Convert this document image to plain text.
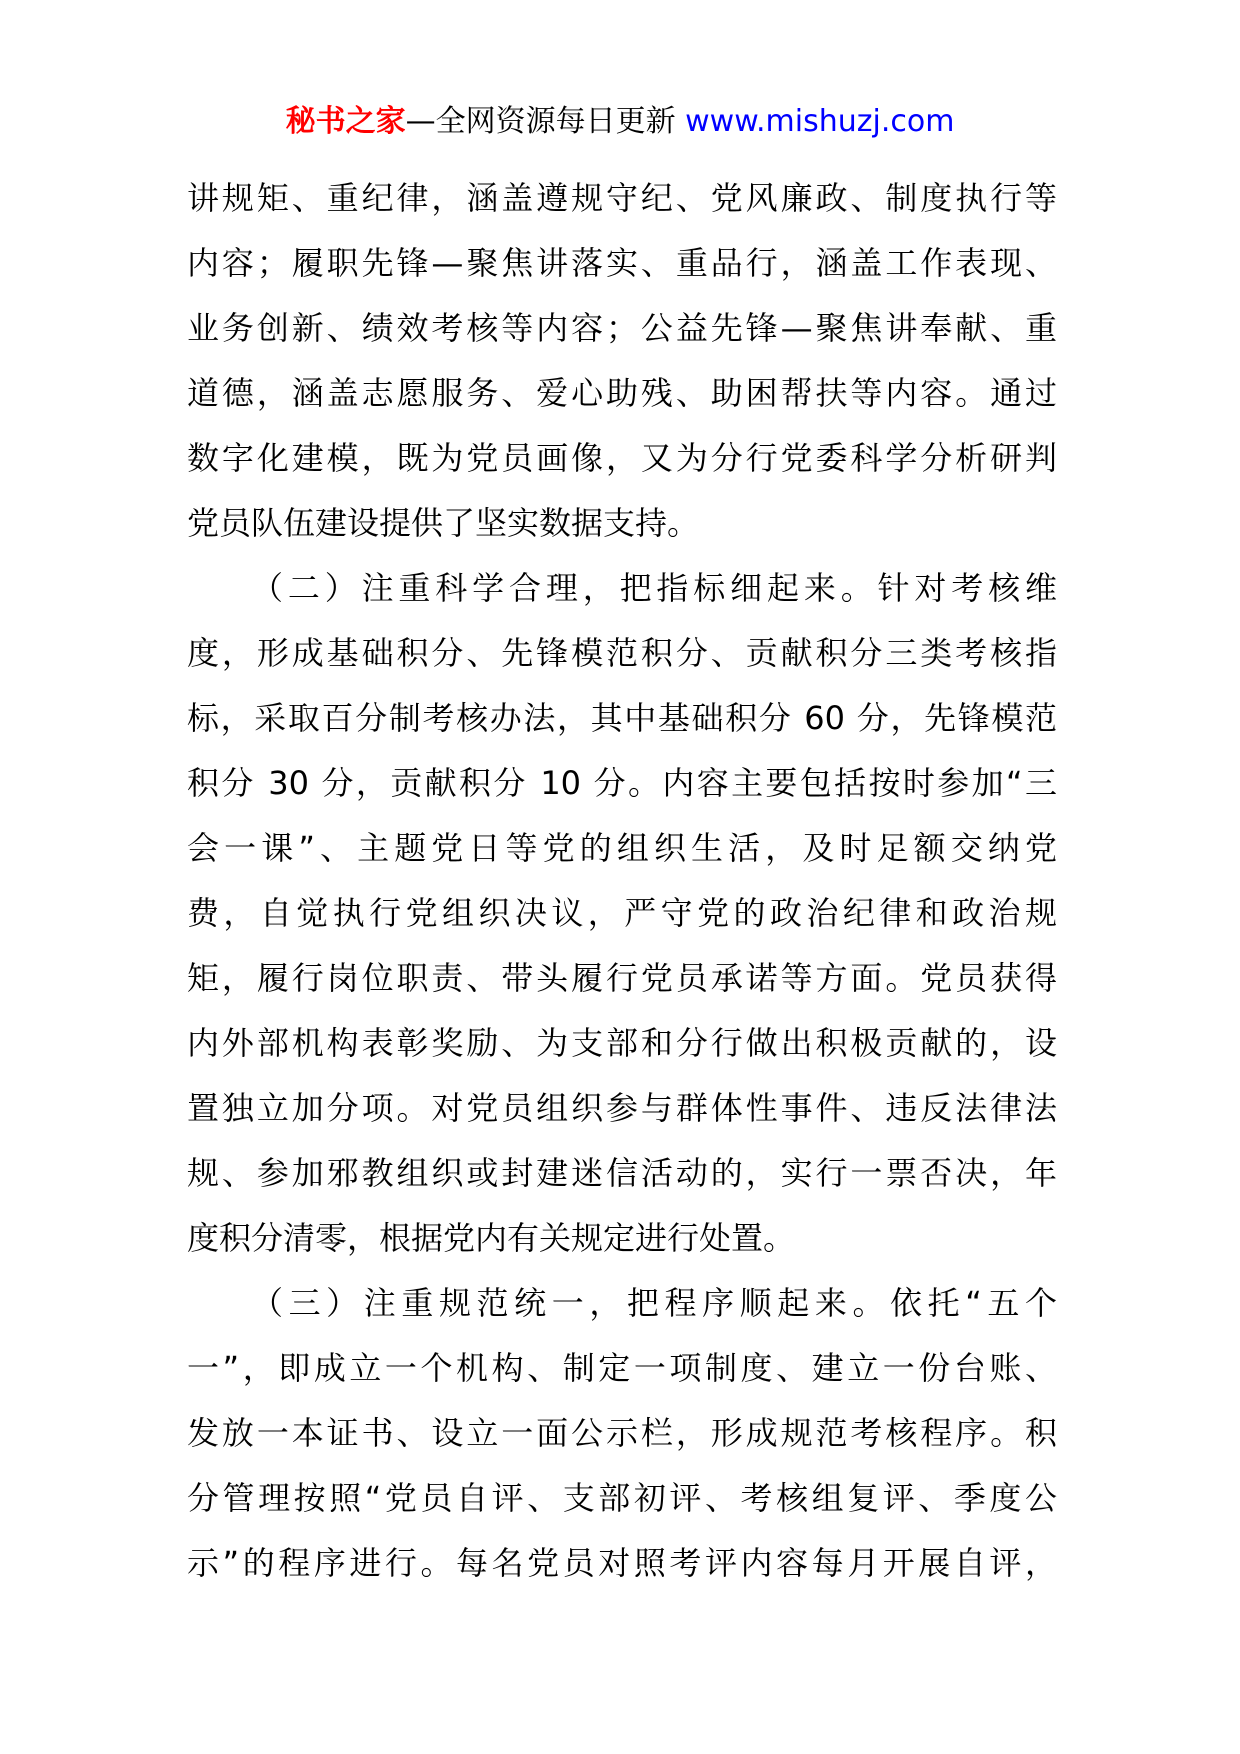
秘书之家—全网资源每日更新 www.mishuzj.com
讲规矩、重纪律，涵盖遵规守纪、党风廉政、制度执行等
内容；履职先锋—聚焦讲落实、重品行，涵盖工作表现、
业务创新、绩效考核等内容；公益先锋—聚焦讲奉献、重
道德，涵盖志愿服务、爱心助残、助困帮扶等内容。通过
数字化建模，既为党员画像，又为分行党委科学分析研判
党员队伍建设提供了坚实数据支持。
（二）注重科学合理，把指标细起来。针对考核维
度，形成基础积分、先锋模范积分、贡献积分三类考核指
标，采取百分制考核办法，其中基础积分 60 分，先锋模范
积分 30 分，贡献积分 10 分。内容主要包括按时参加“三
会一课”、主题党日等党的组织生活，及时足额交纳党
费，自觉执行党组织决议，严守党的政治纪律和政治规
矩，履行岗位职责、带头履行党员承诺等方面。党员获得
内外部机构表彰奖励、为支部和分行做出积极贡献的，设
置独立加分项。对党员组织参与群体性事件、违反法律法
规、参加邪教组织或封建迷信活动的，实行一票否决，年
度积分清零，根据党内有关规定进行处置。
（三）注重规范统一，把程序顺起来。依托“五个
一”，即成立一个机构、制定一项制度、建立一份台账、
发放一本证书、设立一面公示栏，形成规范考核程序。积
分管理按照“党员自评、支部初评、考核组复评、季度公
示”的程序进行。每名党员对照考评内容每月开展自评，
